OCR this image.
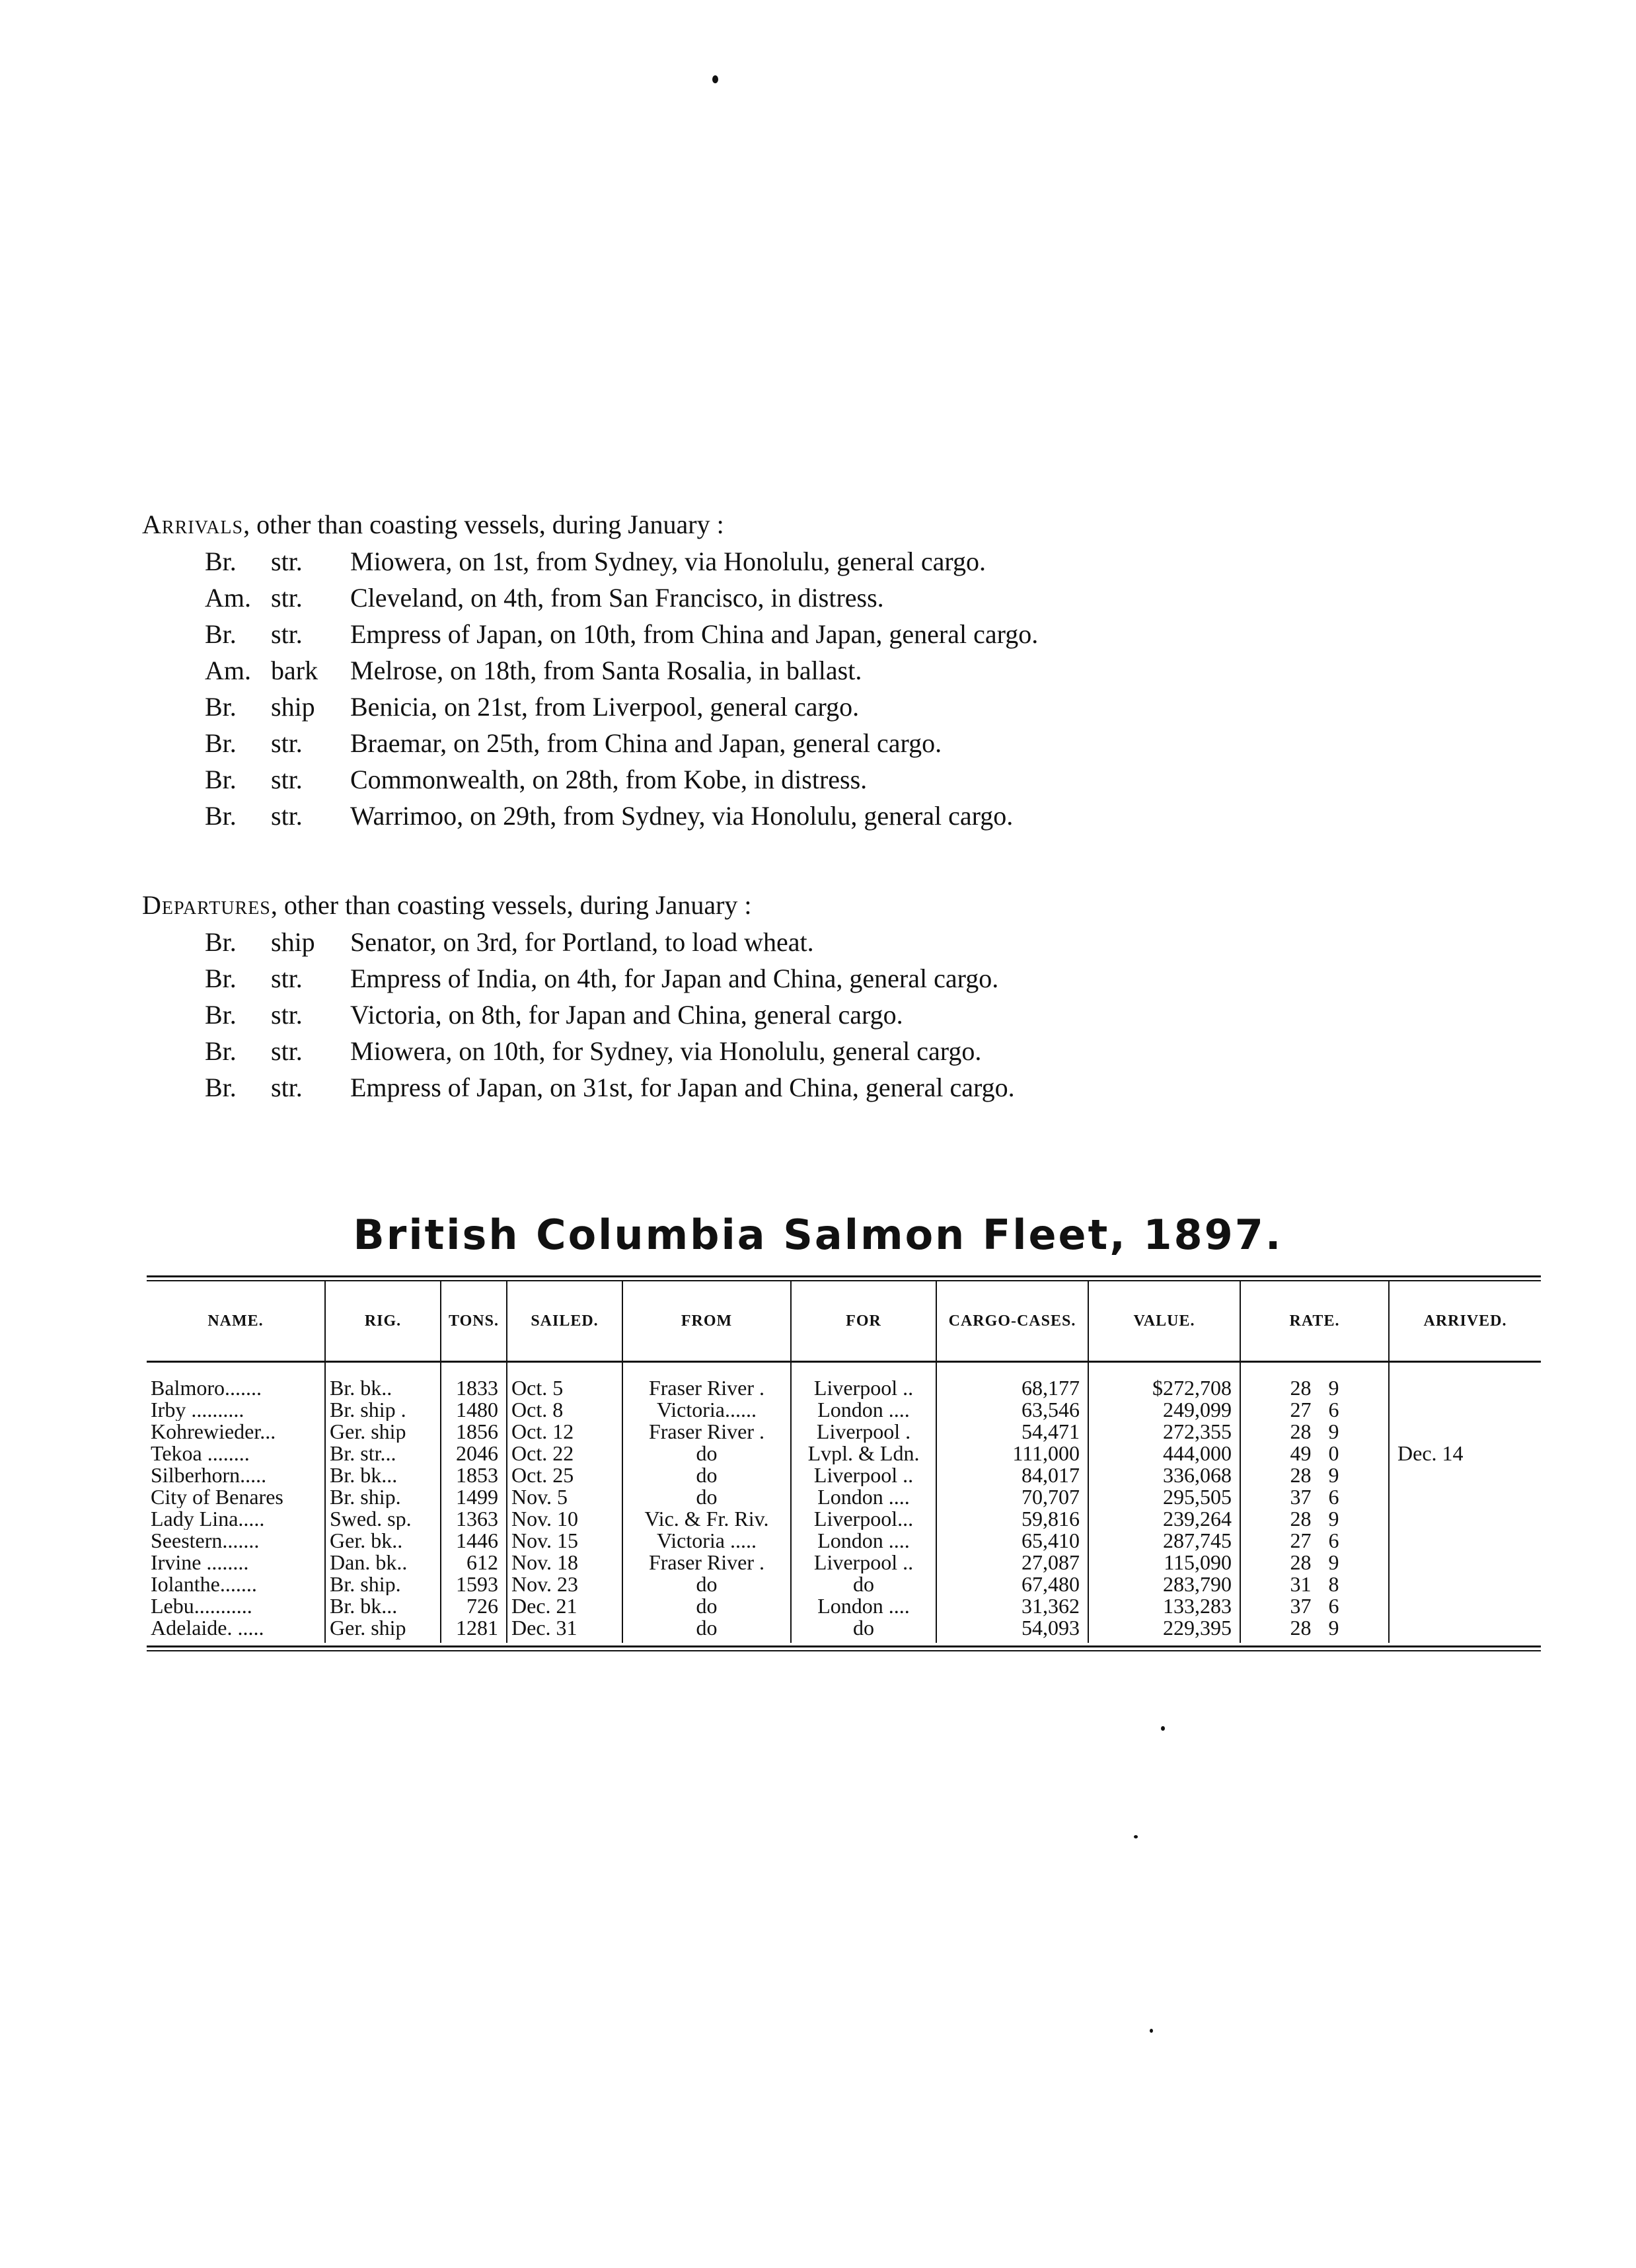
Arrivals, other than coasting vessels, during January :
Br.	str.	Miowera, on 1st, from Sydney, via Honolulu, general cargo.
Am. str.	Cleveland, on 4th, from San Francisco, in distress.
Br.	str.	Empress of Japan, on 10th, from China and Japan, general cargo.
Am. bark	Melrose, on 18th, from Santa Rosalia, in ballast.
Br.	ship	Benicia, on 21st, from Liverpool, general cargo.
Br.	str.	Braemar, on 25th, from China and Japan, general cargo.
Br.	str.	Commonwealth, on 28th, from Kobe, in distress.
Br.	str.	Warrimoo, on 29th, from Sydney, via Honolulu, general cargo.
Departures, other than coasting vessels, during January :
Br.	ship	Senator, on 3rd, for Portland, to load wheat.
Br.	str.	Empress of India, on 4th, for Japan and China, general cargo.
Br.	str.	Victoria, on 8th, for Japan and China, general cargo.
Br.	str.	Miowera, on 10th, for Sydney, via Honolulu, general cargo.
Br.	str.	Empress of Japan, on 31st, for Japan and China, general cargo.
British Columbia Salmon Fleet, 1897.
NAME.	RIG.	TONS.	SAILED.	FROM	FOR	CARGO-CASES.	VALUE.	RATE.	ARRIVED.
Balmoro.......	Br. bk..	1833	Oct. 5	Fraser River .	Liverpool ..	68,177	$272,708	28 9	
Irby ..........	Br. ship .	1480	Oct. 8	Victoria......	London ....	63,546	249,099	27 6	
Kohrewieder...	Ger. ship	1856	Oct. 12	Fraser River .	Liverpool .	54,471	272,355	28 9	
Tekoa ........	Br. str...	2046	Oct. 22	do	Lvpl. & Ldn.	111,000	444,000	49 0	Dec. 14
Silberhorn.....	Br. bk...	1853	Oct. 25	do	Liverpool ..	84,017	336,068	28 9	
City of Benares	Br. ship.	1499	Nov. 5	do	London ....	70,707	295,505	37 6	
Lady Lina.....	Swed. sp.	1363	Nov. 10	Vic. & Fr. Riv.	Liverpool...	59,816	239,264	28 9	
Seestern.......	Ger. bk..	1446	Nov. 15	Victoria .....	London ....	65,410	287,745	27 6	
Irvine ........	Dan. bk..	612	Nov. 18	Fraser River .	Liverpool ..	27,087	115,090	28 9	
Iolanthe.......	Br. ship.	1593	Nov. 23	do	do	67,480	283,790	31 8	
Lebu...........	Br. bk...	726	Dec. 21	do	London ....	31,362	133,283	37 6	
Adelaide. .....	Ger. ship	1281	Dec. 31	do	do	54,093	229,395	28 9	
